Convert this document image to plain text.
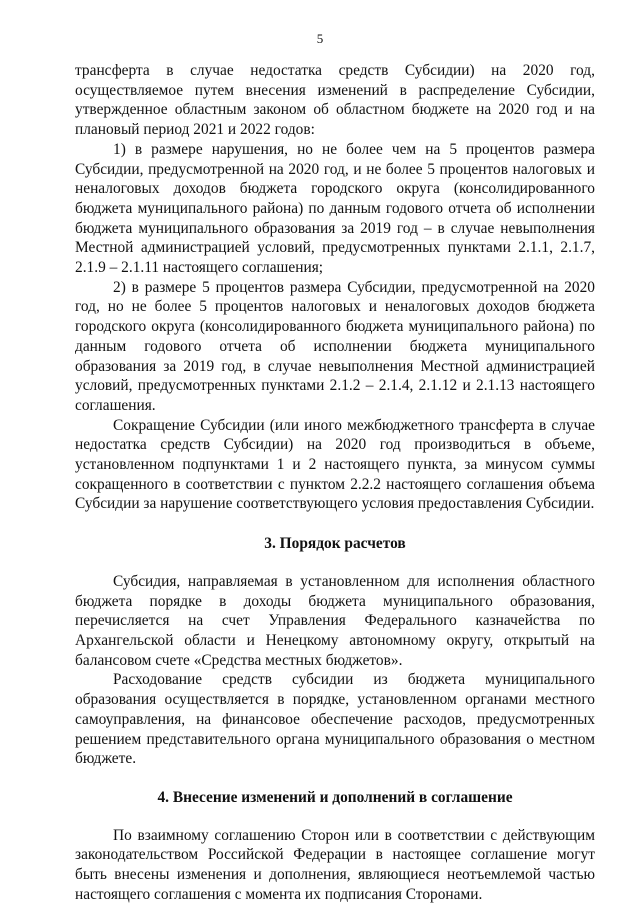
5

трансферта в случае недостатка средств Субсидии) на 2020 год, осуществляемое путем внесения изменений в распределение Субсидии, утвержденное областным законом об областном бюджете на 2020 год и на плановый период 2021 и 2022 годов:

1) в размере нарушения, но не более чем на 5 процентов размера Субсидии, предусмотренной на 2020 год, и не более 5 процентов налоговых и неналоговых доходов бюджета городского округа (консолидированного бюджета муниципального района) по данным годового отчета об исполнении бюджета муниципального образования за 2019 год – в случае невыполнения Местной администрацией условий, предусмотренных пунктами 2.1.1, 2.1.7, 2.1.9 – 2.1.11 настоящего соглашения;

2) в размере 5 процентов размера Субсидии, предусмотренной на 2020 год, но не более 5 процентов налоговых и неналоговых доходов бюджета городского округа (консолидированного бюджета муниципального района) по данным годового отчета об исполнении бюджета муниципального образования за 2019 год, в случае невыполнения Местной администрацией условий, предусмотренных пунктами 2.1.2 – 2.1.4, 2.1.12 и 2.1.13 настоящего соглашения.

Сокращение Субсидии (или иного межбюджетного трансферта в случае недостатка средств Субсидии) на 2020 год производиться в объеме, установленном подпунктами 1 и 2 настоящего пункта, за минусом суммы сокращенного в соответствии с пунктом 2.2.2 настоящего соглашения объема Субсидии за нарушение соответствующего условия предоставления Субсидии.

3. Порядок расчетов

Субсидия, направляемая в установленном для исполнения областного бюджета порядке в доходы бюджета муниципального образования, перечисляется на счет Управления Федерального казначейства по Архангельской области и Ненецкому автономному округу, открытый на балансовом счете «Средства местных бюджетов».

Расходование средств субсидии из бюджета муниципального образования осуществляется в порядке, установленном органами местного самоуправления, на финансовое обеспечение расходов, предусмотренных решением представительного органа муниципального образования о местном бюджете.

4. Внесение изменений и дополнений в соглашение

По взаимному соглашению Сторон или в соответствии с действующим законодательством Российской Федерации в настоящее соглашение могут быть внесены изменения и дополнения, являющиеся неотъемлемой частью настоящего соглашения с момента их подписания Сторонами.
